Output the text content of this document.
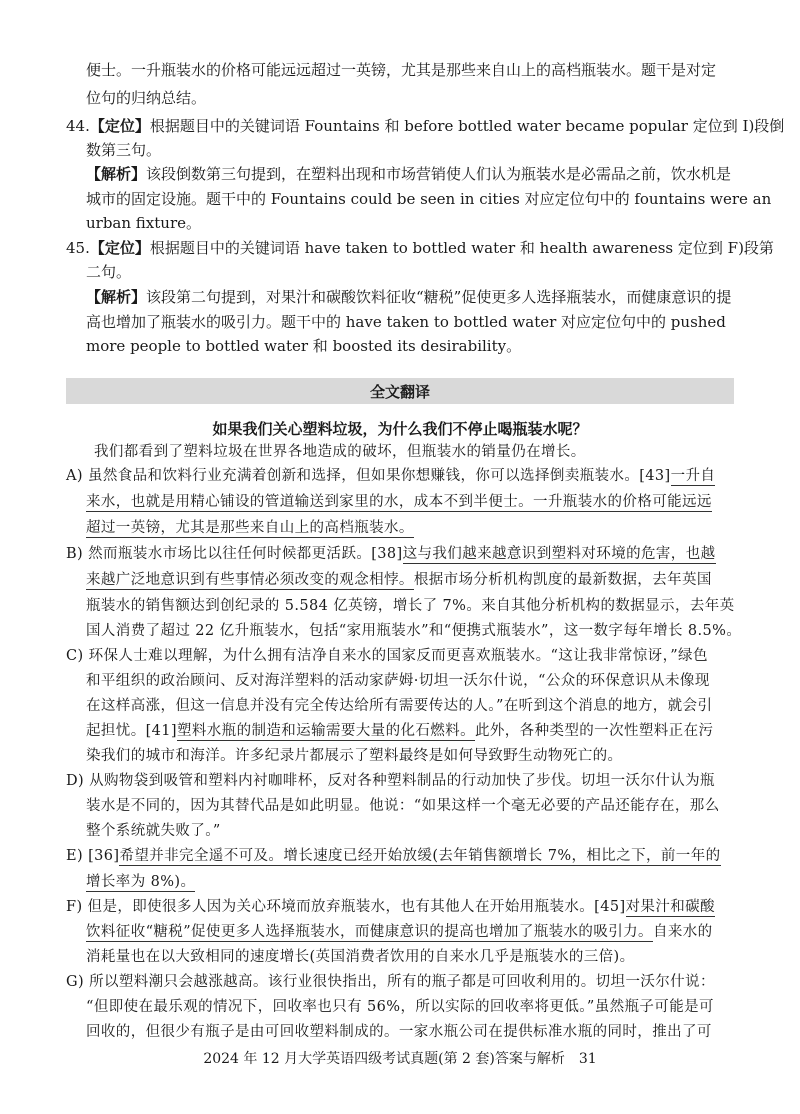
便士。一升瓶装水的价格可能远远超过一英镑，尤其是那些来自山上的高档瓶装水。题干是对定
位句的归纳总结。
44.【定位】根据题目中的关键词语 Fountains 和 before bottled water became popular 定位到 I)段倒
数第三句。
【解析】该段倒数第三句提到，在塑料出现和市场营销使人们认为瓶装水是必需品之前，饮水机是
城市的固定设施。题干中的 Fountains could be seen in cities 对应定位句中的 fountains were an
urban fixture。
45.【定位】根据题目中的关键词语 have taken to bottled water 和 health awareness 定位到 F)段第
二句。
【解析】该段第二句提到，对果汁和碳酸饮料征收“糖税”促使更多人选择瓶装水，而健康意识的提
高也增加了瓶装水的吸引力。题干中的 have taken to bottled water 对应定位句中的 pushed
more people to bottled water 和 boosted its desirability。
全文翻译
如果我们关心塑料垃圾，为什么我们不停止喝瓶装水呢？
我们都看到了塑料垃圾在世界各地造成的破坏，但瓶装水的销量仍在增长。
A) 虽然食品和饮料行业充满着创新和选择，但如果你想赚钱，你可以选择倒卖瓶装水。[43]一升自
来水，也就是用精心铺设的管道输送到家里的水，成本不到半便士。一升瓶装水的价格可能远远
超过一英镑，尤其是那些来自山上的高档瓶装水。
B) 然而瓶装水市场比以往任何时候都更活跃。[38]这与我们越来越意识到塑料对环境的危害，也越
来越广泛地意识到有些事情必须改变的观念相悖。根据市场分析机构凯度的最新数据，去年英国
瓶装水的销售额达到创纪录的 5.584 亿英镑，增长了 7%。来自其他分析机构的数据显示，去年英
国人消费了超过 22 亿升瓶装水，包括“家用瓶装水”和“便携式瓶装水”，这一数字每年增长 8.5%。
C) 环保人士难以理解，为什么拥有洁净自来水的国家反而更喜欢瓶装水。“这让我非常惊讶，”绿色
和平组织的政治顾问、反对海洋塑料的活动家萨姆·切坦一沃尔什说，“公众的环保意识从未像现
在这样高涨，但这一信息并没有完全传达给所有需要传达的人。”在听到这个消息的地方，就会引
起担忧。[41]塑料水瓶的制造和运输需要大量的化石燃料。此外，各种类型的一次性塑料正在污
染我们的城市和海洋。许多纪录片都展示了塑料最终是如何导致野生动物死亡的。
D) 从购物袋到吸管和塑料内衬咖啡杯，反对各种塑料制品的行动加快了步伐。切坦一沃尔什认为瓶
装水是不同的，因为其替代品是如此明显。他说：“如果这样一个毫无必要的产品还能存在，那么
整个系统就失败了。”
E) [36]希望并非完全遥不可及。增长速度已经开始放缓(去年销售额增长 7%，相比之下，前一年的
增长率为 8%)。
F) 但是，即使很多人因为关心环境而放弃瓶装水，也有其他人在开始用瓶装水。[45]对果汁和碳酸
饮料征收“糖税”促使更多人选择瓶装水，而健康意识的提高也增加了瓶装水的吸引力。自来水的
消耗量也在以大致相同的速度增长(英国消费者饮用的自来水几乎是瓶装水的三倍)。
G) 所以塑料潮只会越涨越高。该行业很快指出，所有的瓶子都是可回收利用的。切坦一沃尔什说：
“但即使在最乐观的情况下，回收率也只有 56%，所以实际的回收率将更低。”虽然瓶子可能是可
回收的，但很少有瓶子是由可回收塑料制成的。一家水瓶公司在提供标准水瓶的同时，推出了可
2024 年 12 月大学英语四级考试真题(第 2 套)答案与解析　31
